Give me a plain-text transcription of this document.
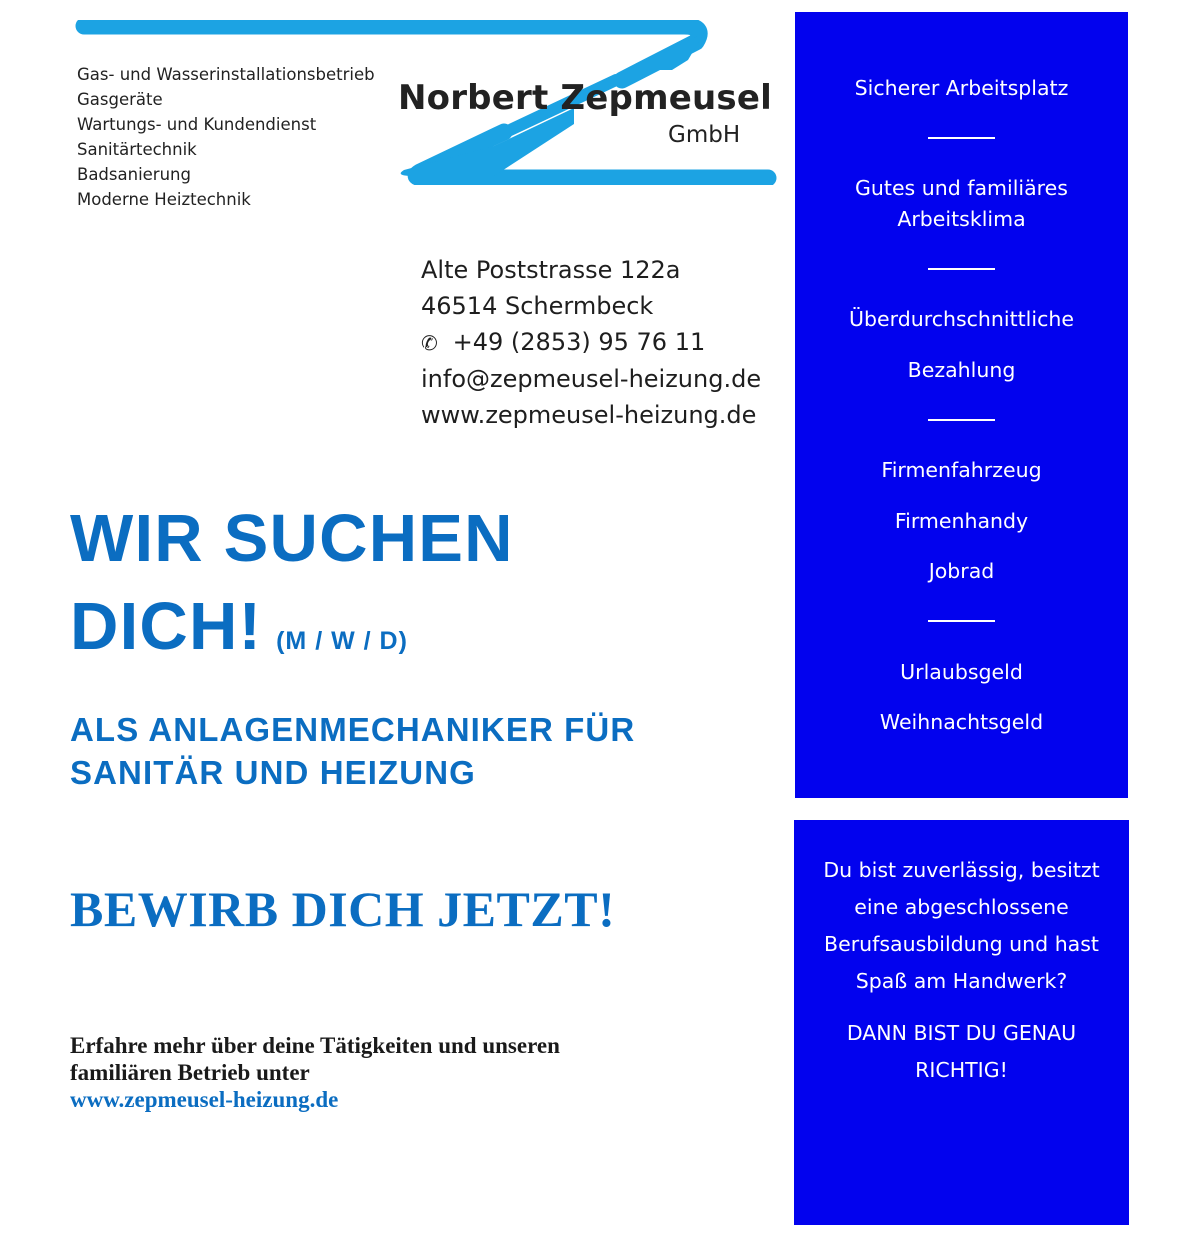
Norbert Zepmeusel
GmbH
Gas- und Wasserinstallationsbetrieb
Gasgeräte
Wartungs- und Kundendienst
Sanitärtechnik
Badsanierung
Moderne Heiztechnik
Alte Poststrasse 122a
46514 Schermbeck
✆ +49 (2853) 95 76 11
info@zepmeusel-heizung.de
www.zepmeusel-heizung.de
WIR SUCHEN
DICH! (M / W / D)
ALS ANLAGENMECHANIKER FÜR
SANITÄR UND HEIZUNG
BEWIRB DICH JETZT!
Erfahre mehr über deine Tätigkeiten und unseren
familiären Betrieb unter
www.zepmeusel-heizung.de
Sicherer Arbeitsplatz
Gutes und familiäres
Arbeitsklima
Überdurchschnittliche
Bezahlung
Firmenfahrzeug
Firmenhandy
Jobrad
Urlaubsgeld
Weihnachtsgeld
Du bist zuverlässig, besitzt
eine abgeschlossene
Berufsausbildung und hast
Spaß am Handwerk?
DANN BIST DU GENAU
RICHTIG!
